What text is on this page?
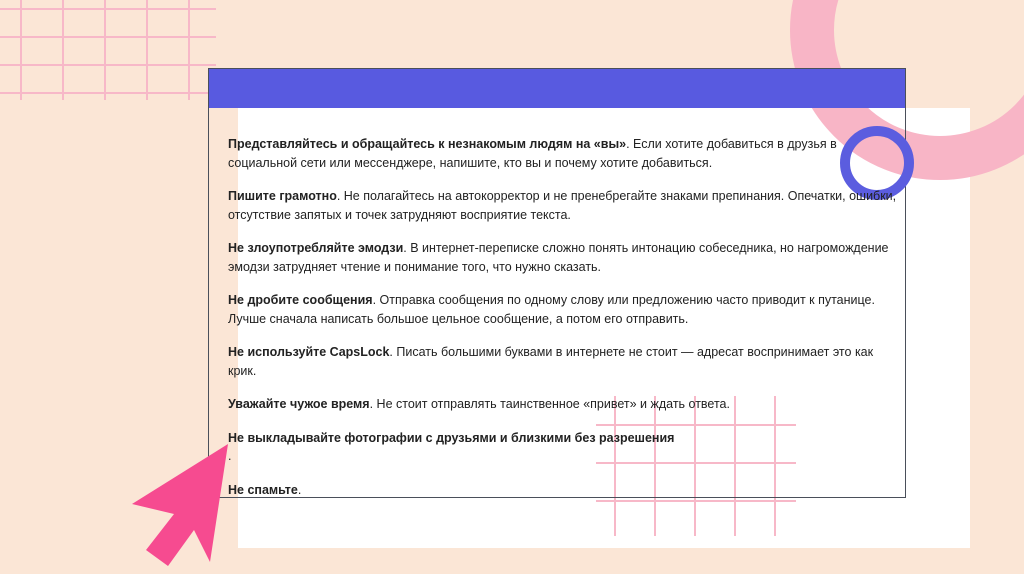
Представляйтесь и обращайтесь к незнакомым людям на «вы». Если хотите добавиться в друзья в социальной сети или мессенджере, напишите, кто вы и почему хотите добавиться.

Пишите грамотно. Не полагайтесь на автокорректор и не пренебрегайте знаками препинания. Опечатки, ошибки, отсутствие запятых и точек затрудняют восприятие текста.

Не злоупотребляйте эмодзи. В интернет-переписке сложно понять интонацию собеседника, но нагромождение эмодзи затрудняет чтение и понимание того, что нужно сказать.

Не дробите сообщения. Отправка сообщения по одному слову или предложению часто приводит к путанице. Лучше сначала написать большое цельное сообщение, а потом его отправить.

Не используйте CapsLock. Писать большими буквами в интернете не стоит — адресат воспринимает это как крик.

Уважайте чужое время. Не стоит отправлять таинственное «привет» и ждать ответа.

Не выкладывайте фотографии с друзьями и близкими без разрешения
.

Не спамьте.
